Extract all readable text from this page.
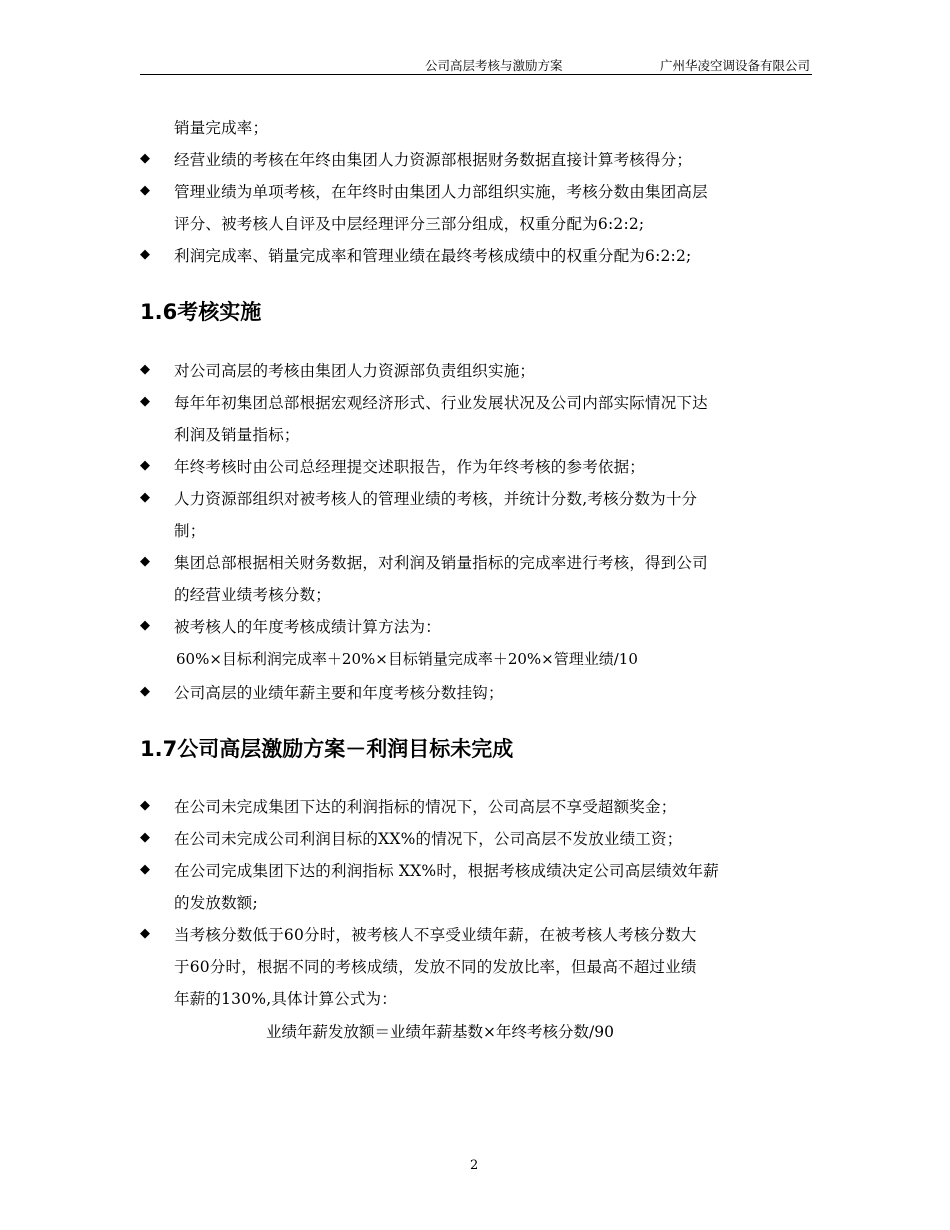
公司高层考核与激励方案	广州华凌空调设备有限公司
销量完成率；
◆ 经营业绩的考核在年终由集团人力资源部根据财务数据直接计算考核得分；
◆ 管理业绩为单项考核，在年终时由集团人力部组织实施，考核分数由集团高层
评分、被考核人自评及中层经理评分三部分组成，权重分配为6:2:2;
◆ 利润完成率、销量完成率和管理业绩在最终考核成绩中的权重分配为6:2:2;
1.6考核实施
◆ 对公司高层的考核由集团人力资源部负责组织实施；
◆ 每年年初集团总部根据宏观经济形式、行业发展状况及公司内部实际情况下达
利润及销量指标；
◆ 年终考核时由公司总经理提交述职报告，作为年终考核的参考依据；
◆ 人力资源部组织对被考核人的管理业绩的考核，并统计分数,考核分数为十分
制；
◆ 集团总部根据相关财务数据，对利润及销量指标的完成率进行考核，得到公司
的经营业绩考核分数；
◆ 被考核人的年度考核成绩计算方法为：
60%×目标利润完成率＋20%×目标销量完成率＋20%×管理业绩/10
◆ 公司高层的业绩年薪主要和年度考核分数挂钩；
1.7公司高层激励方案－利润目标未完成
◆ 在公司未完成集团下达的利润指标的情况下，公司高层不享受超额奖金；
◆ 在公司未完成公司利润目标的XX%的情况下，公司高层不发放业绩工资；
◆ 在公司完成集团下达的利润指标 XX%时，根据考核成绩决定公司高层绩效年薪
的发放数额;
◆ 当考核分数低于60分时，被考核人不享受业绩年薪，在被考核人考核分数大
于60分时，根据不同的考核成绩，发放不同的发放比率，但最高不超过业绩
年薪的130%,具体计算公式为：
业绩年薪发放额＝业绩年薪基数×年终考核分数/90
2
